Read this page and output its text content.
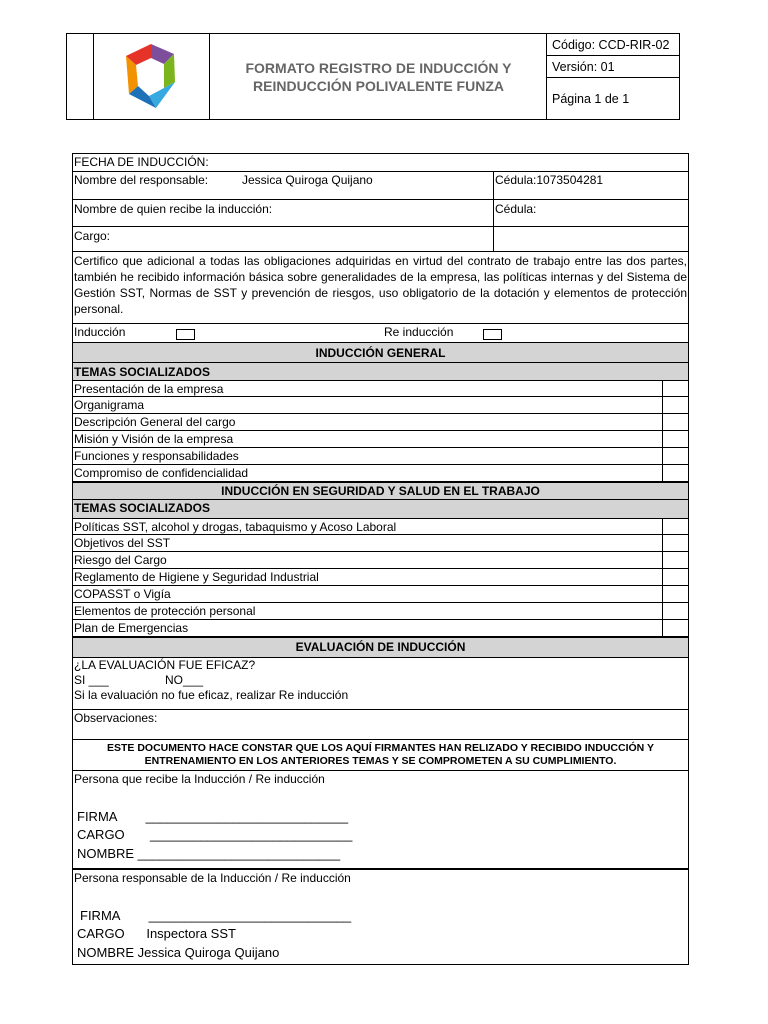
FORMATO REGISTRO DE INDUCCIÓN Y REINDUCCIÓN POLIVALENTE FUNZA
Código: CCD-RIR-02
Versión: 01
Página 1 de 1
FECHA DE INDUCCIÓN:
Nombre del responsable:	Jessica Quiroga Quijano	Cédula:1073504281
Nombre de quien recibe la inducción:	Cédula:
Cargo:
Certifico que adicional a todas las obligaciones adquiridas en virtud del contrato de trabajo entre las dos partes, también he recibido información básica sobre generalidades de la empresa, las políticas internas y del Sistema de Gestión SST, Normas de SST y prevención de riesgos, uso obligatorio de la dotación y elementos de protección personal.
Inducción	Re inducción
INDUCCIÓN GENERAL
TEMAS SOCIALIZADOS
Presentación de la empresa
Organigrama
Descripción General del cargo
Misión y Visión de la empresa
Funciones y responsabilidades
Compromiso de confidencialidad
INDUCCIÓN EN SEGURIDAD Y SALUD EN EL TRABAJO
TEMAS SOCIALIZADOS
Políticas SST, alcohol y drogas, tabaquismo y Acoso Laboral
Objetivos del SST
Riesgo del Cargo
Reglamento de Higiene y Seguridad Industrial
COPASST o Vigía
Elementos de protección personal
Plan de Emergencias
EVALUACIÓN DE INDUCCIÓN
¿LA EVALUACIÓN FUE EFICAZ?
SI ___	NO___
Si la evaluación no fue eficaz, realizar Re inducción
Observaciones:
ESTE DOCUMENTO HACE CONSTAR QUE LOS AQUÍ FIRMANTES HAN RELIZADO Y RECIBIDO INDUCCIÓN Y ENTRENAMIENTO EN LOS ANTERIORES TEMAS Y SE COMPROMETEN A SU CUMPLIMIENTO.
Persona que recibe la Inducción / Re inducción
FIRMA        ____________________________
CARGO       ____________________________
NOMBRE ____________________________
Persona responsable de la Inducción / Re inducción
FIRMA        ____________________________
CARGO      Inspectora SST
NOMBRE Jessica Quiroga Quijano
